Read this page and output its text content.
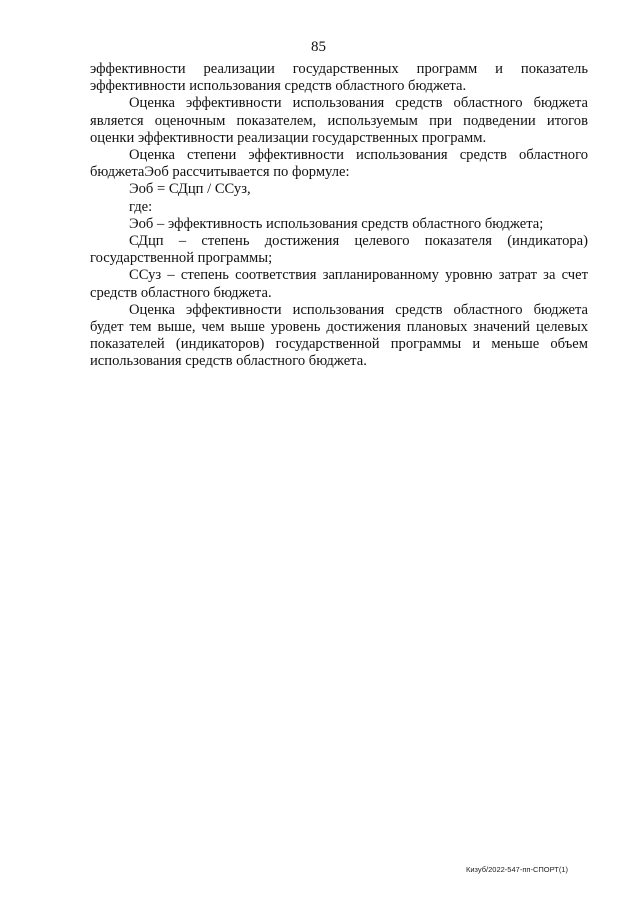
85

эффективности реализации государственных программ и показатель эффективности использования средств областного бюджета.

Оценка эффективности использования средств областного бюджета является оценочным показателем, используемым при подведении итогов оценки эффективности реализации государственных программ.

Оценка степени эффективности использования средств областного бюджетаЭоб рассчитывается по формуле:

Эоб = СДцп / ССуз,

где:

Эоб – эффективность использования средств областного бюджета;

СДцп – степень достижения целевого показателя (индикатора) государственной программы;

ССуз – степень соответствия запланированному уровню затрат за счет средств областного бюджета.

Оценка эффективности использования средств областного бюджета будет тем выше, чем выше уровень достижения плановых значений целевых показателей (индикаторов) государственной программы и меньше объем использования средств областного бюджета.

Кизуб/2022-547-пп-СПОРТ(1)
